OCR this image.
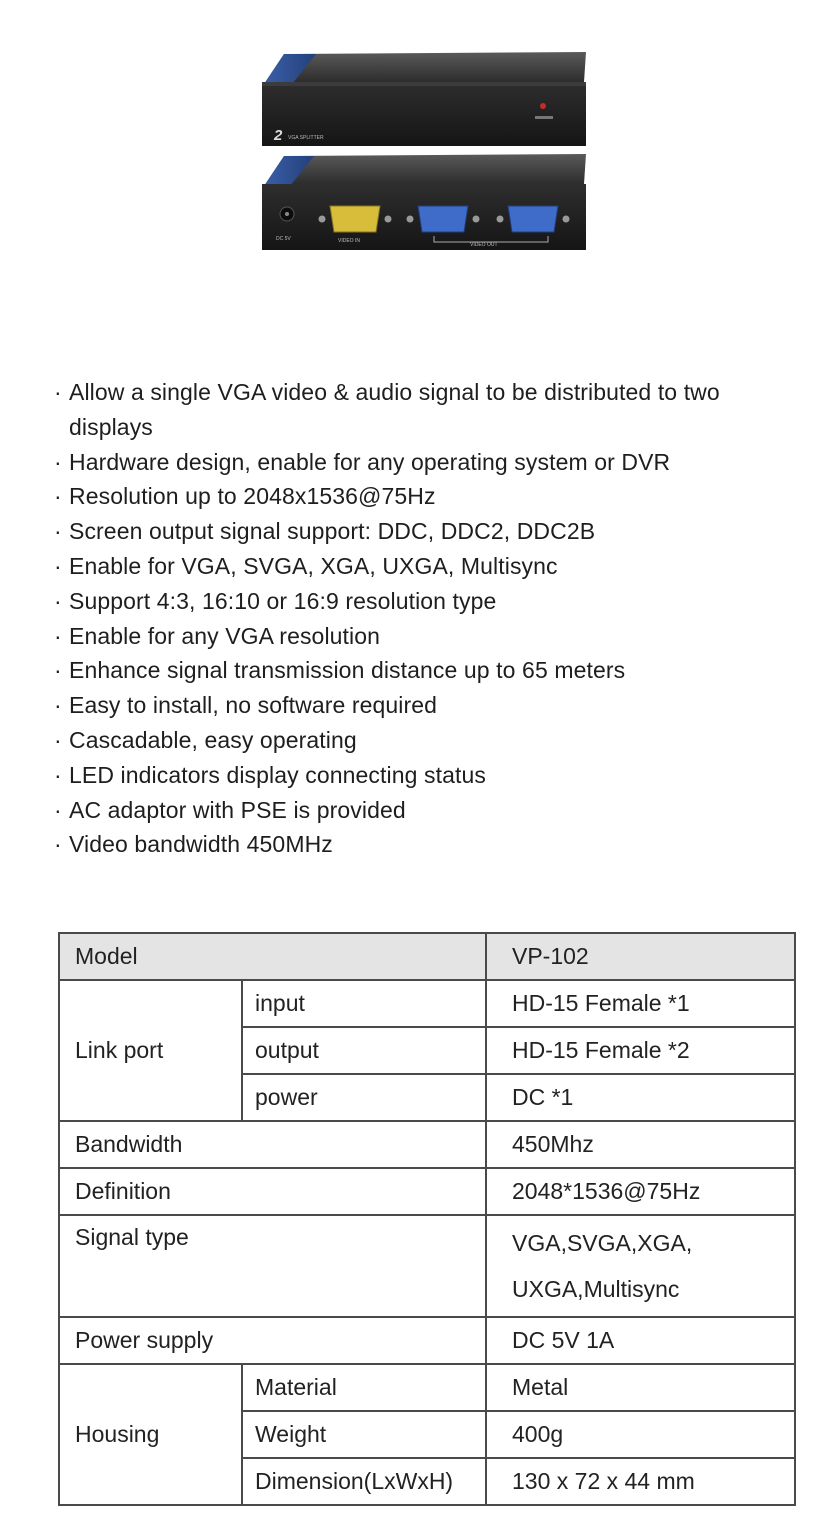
2 VGA SPLITTER
DC 5V	VIDEO IN
VIDEO OUT
· Allow a single VGA video & audio signal to be distributed to two
displays
· Hardware design, enable for any operating system or DVR
· Resolution up to 2048x1536@75Hz
· Screen output signal support: DDC, DDC2, DDC2B
· Enable for VGA, SVGA, XGA, UXGA, Multisync
· Support 4:3, 16:10 or 16:9 resolution type
· Enable for any VGA resolution
· Enhance signal transmission distance up to 65 meters
· Easy to install, no software required
· Cascadable, easy operating
· LED indicators display connecting status
· AC adaptor with PSE is provided
· Video bandwidth 450MHz
Model		VP-102
Link port	input	HD-15 Female *1
	output	HD-15 Female *2
	power	DC *1
Bandwidth		450Mhz
Definition		2048*1536@75Hz
Signal type		VGA,SVGA,XGA,
UXGA,Multisync

Power supply		DC 5V 1A
Housing	Material	Metal
	Weight	400g
	Dimension(LxWxH)	130 x 72 x 44 mm
